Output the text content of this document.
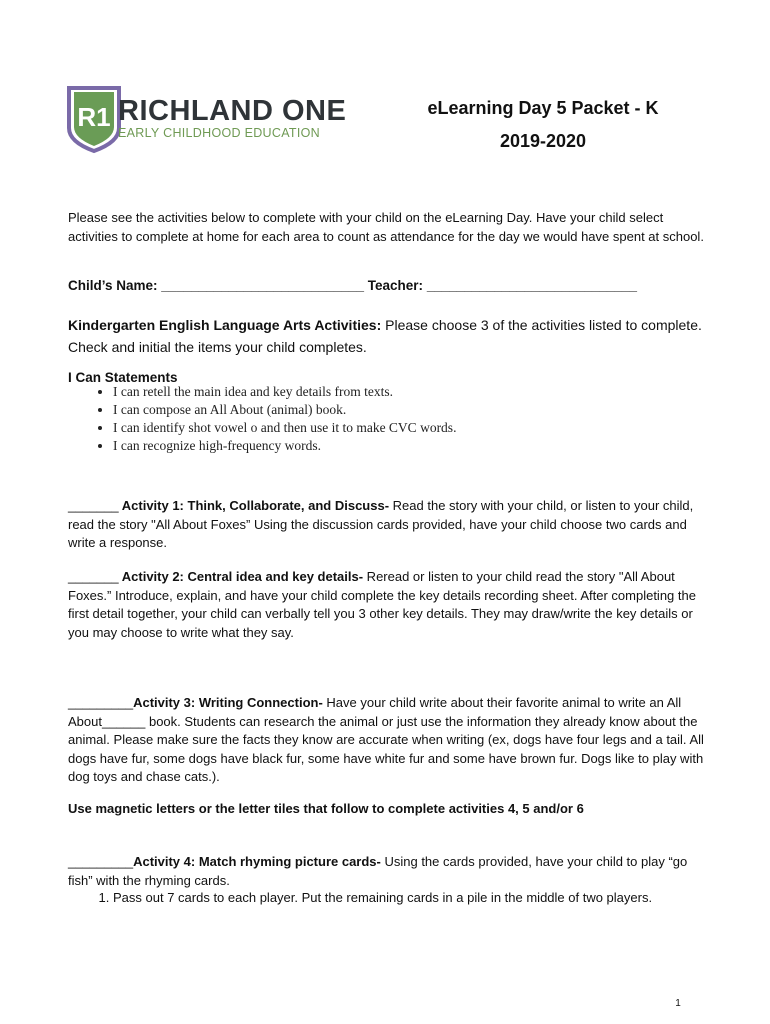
R1 RICHLAND ONE
EARLY CHILDHOOD EDUCATION
eLearning Day 5 Packet - K
2019-2020
Please see the activities below to complete with your child on the eLearning Day. Have your child select activities to complete at home for each area to count as attendance for the day we would have spent at school.
Child’s Name: ___________________________ Teacher: ____________________________
Kindergarten English Language Arts Activities: Please choose 3 of the activities listed to complete. Check and initial the items your child completes.
I Can Statements
• I can retell the main idea and key details from texts.
• I can compose an All About (animal) book.
• I can identify shot vowel o and then use it to make CVC words.
• I can recognize high-frequency words.
_______ Activity 1: Think, Collaborate, and Discuss- Read the story with your child, or listen to your child, read the story "All About Foxes” Using the discussion cards provided, have your child choose two cards and write a response.
_______ Activity 2: Central idea and key details- Reread or listen to your child read the story "All About Foxes.” Introduce, explain, and have your child complete the key details recording sheet. After completing the first detail together, your child can verbally tell you 3 other key details. They may draw/write the key details or you may choose to write what they say.
_________Activity 3: Writing Connection- Have your child write about their favorite animal to write an All About______ book. Students can research the animal or just use the information they already know about the animal. Please make sure the facts they know are accurate when writing (ex, dogs have four legs and a tail. All dogs have fur, some dogs have black fur, some have white fur and some have brown fur. Dogs like to play with dog toys and chase cats.).
Use magnetic letters or the letter tiles that follow to complete activities 4, 5 and/or 6
_________Activity 4: Match rhyming picture cards- Using the cards provided, have your child to play “go fish” with the rhyming cards.
1. Pass out 7 cards to each player. Put the remaining cards in a pile in the middle of two players.
1
